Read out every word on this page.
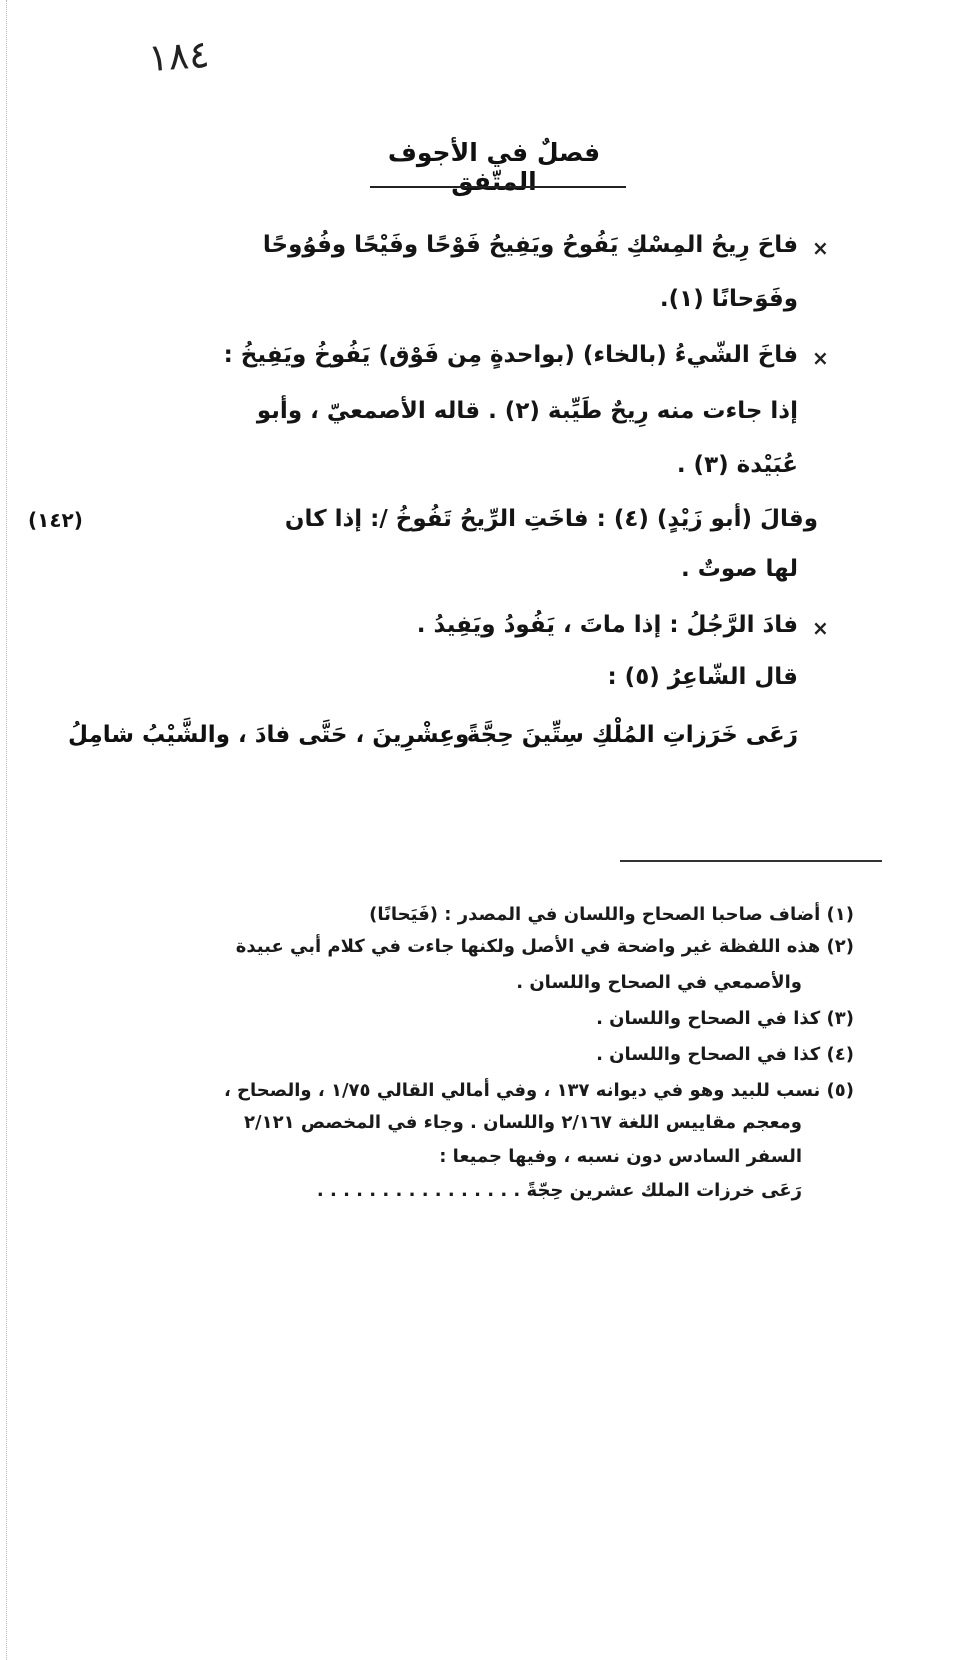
١٨٤
فصلٌ في الأجوف المتّفق
×
فاحَ رِيحُ المِسْكِ يَفُوحُ ويَفِيحُ فَوْحًا وفَيْحًا وفُوُوحًا
وفَوَحانًا (١).
×
فاخَ الشّيءُ (بالخاء) (بواحدةٍ مِن فَوْق) يَفُوخُ ويَفِيخُ :
إذا جاءت منه رِيحٌ طَيِّبة (٢) . قاله الأصمعيّ ، وأبو
عُبَيْدة (٣) .
وقالَ (أبو زَيْدٍ) (٤) : فاخَتِ الرِّيحُ تَفُوخُ /: إذا كان
(١٤٢)
لها صوتٌ .
×
فادَ الرَّجُلُ : إذا ماتَ ، يَفُودُ ويَفِيدُ .
قال الشّاعِرُ (٥) :
رَعَى خَرَزاتِ المُلْكِ سِتِّينَ حِجَّةً
وعِشْرِينَ ، حَتَّى فادَ ، والشَّيْبُ شامِلُ
(١) أضاف صاحبا الصحاح واللسان في المصدر : (فَيَحانًا)
(٢) هذه اللفظة غير واضحة في الأصل ولكنها جاءت في كلام أبي عبيدة
والأصمعي في الصحاح واللسان .
(٣) كذا في الصحاح واللسان .
(٤) كذا في الصحاح واللسان .
(٥) نسب للبيد وهو في ديوانه ١٣٧ ، وفي أمالي القالي ١/٧٥ ، والصحاح ،
ومعجم مقاييس اللغة ٢/١٦٧ واللسان . وجاء في المخصص ٢/١٢١
السفر السادس دون نسبه ، وفيها جميعا :
رَعَى خرزات الملك عشرين حِجّةً . . . . . . . . . . . . . . . .
